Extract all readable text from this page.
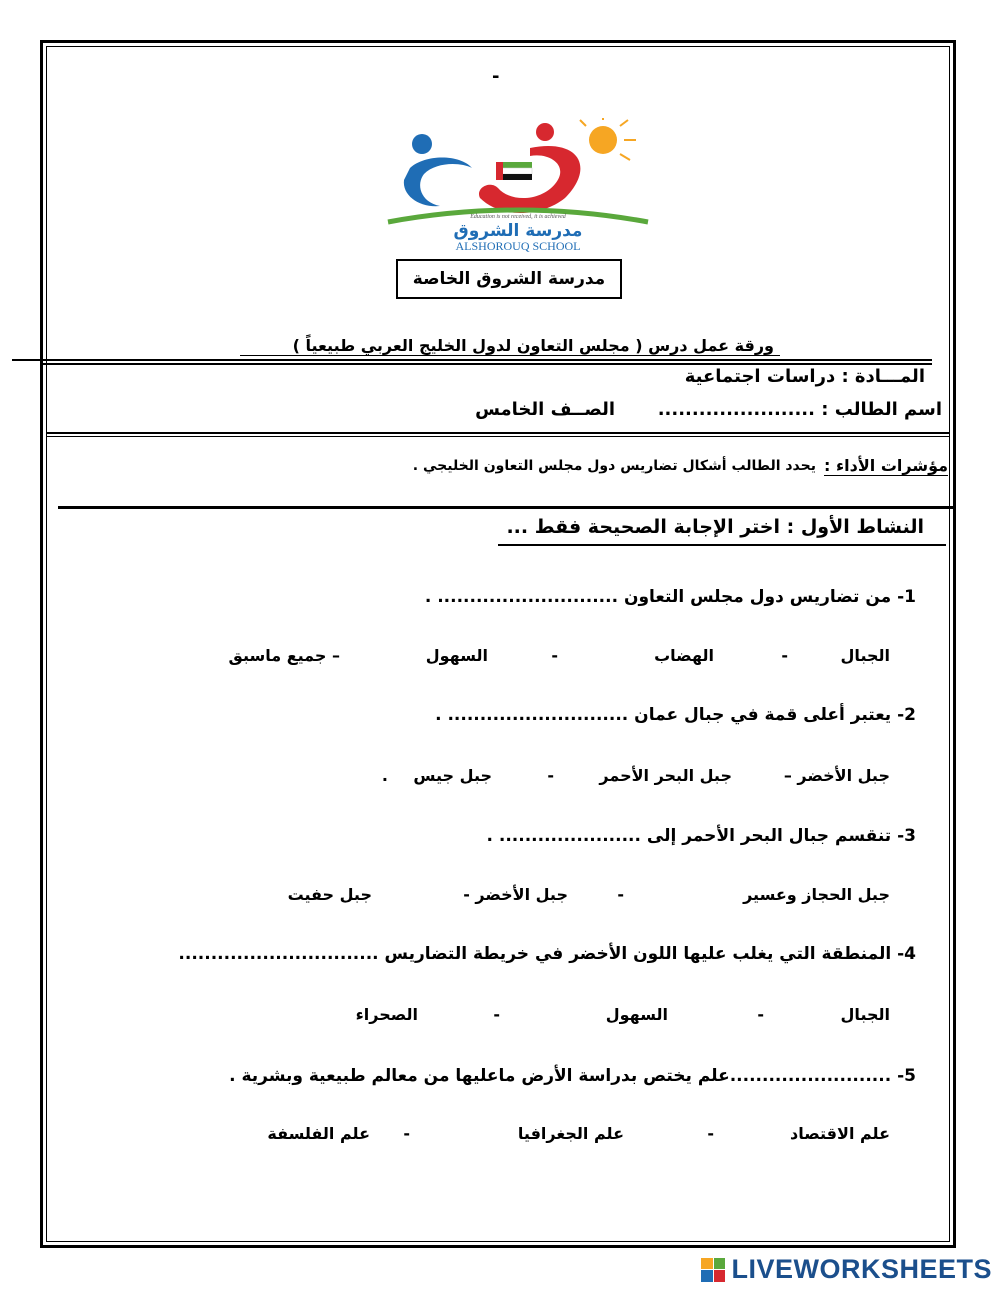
-
Education is not received, it is achieved
مدرسة الشروق
ALSHOROUQ SCHOOL
مدرسة الشروق الخاصة
ورقة عمل درس ( مجلس التعاون لدول الخليج العربي طبيعياً )
المـــادة : دراسات اجتماعية
اسم الطالب : .......................
الصــف الخامس
مؤشرات الأداء :
يحدد الطالب أشكال تضاريس دول مجلس التعاون الخليجي .
النشاط الأول : اختر الإجابة الصحيحة فقط ...
1- من تضاريس دول مجلس التعاون ............................ .
الجبال
-
الهضاب
-
السهول
– جميع ماسبق
2- يعتبر أعلى قمة في جبال عمان ............................ .
جبل الأخضر –
جبل البحر الأحمر
-
جبل جيس
.
3- تنقسم جبال البحر الأحمر إلى ...................... .
جبل الحجاز وعسير
-
جبل الأخضر -
جبل حفيت
4- المنطقة التي يغلب عليها اللون الأخضر في خريطة التضاريس ...............................
الجبال
-
السهول
-
الصحراء
5- .........................علم يختص بدراسة الأرض ماعليها من معالم طبيعية وبشرية .
علم الاقتصاد
-
علم الجغرافيا
-
علم الفلسفة
LIVEWORKSHEETS
